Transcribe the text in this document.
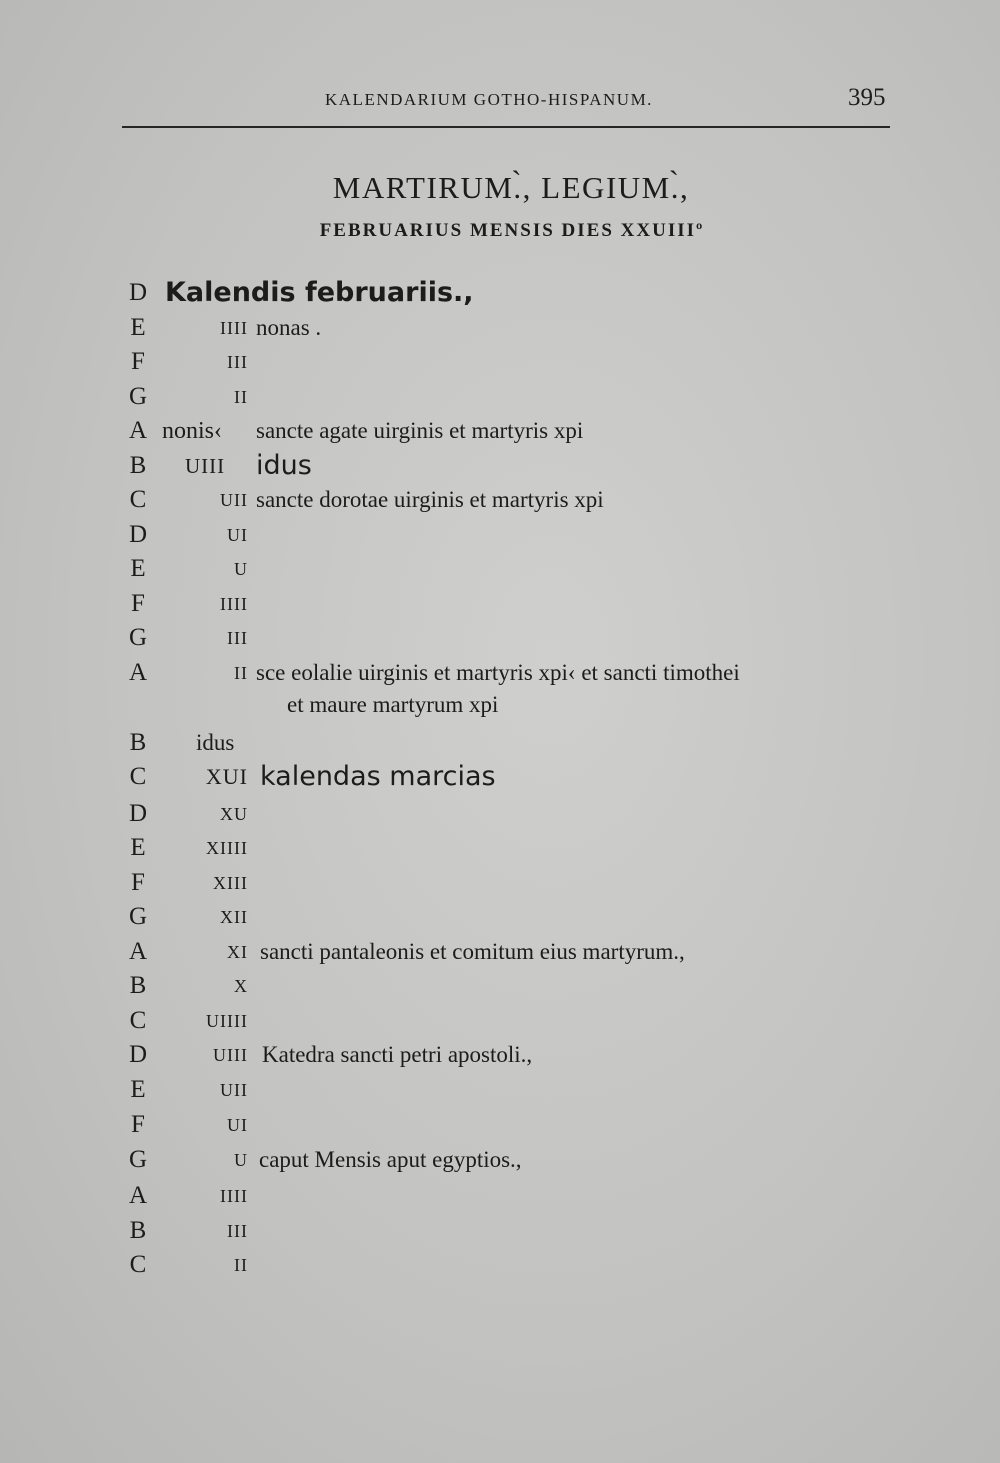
KALENDARIUM GOTHO-HISPANUM.	395
MARTIRUM.̀, LEGIUM.̀,
FEBRUARIUS MENSIS DIES XXUIIIº
D Kalendis februariis.,
E	IIII nonas .
F	III
G	II
A nonis‹ sancte agate uirginis et martyris xpi
B	UIII idus
C	UII sancte dorotae uirginis et martyris xpi
D	UI
E	U
F	IIII
G	III
A	II sce eolalie uirginis et martyris xpi‹ et sancti timothei
et maure martyrum xpi
B	idus
C	XUI kalendas marcias
D	XU
E	XIIII
F	XIII
G	XII
A	XI sancti pantaleonis et comitum eius martyrum.,
B	X
C	UIIII
D	UIII Katedra sancti petri apostoli.,
E	UII
F	UI
G	U caput Mensis aput egyptios.,
A	IIII
B	III
C	II
